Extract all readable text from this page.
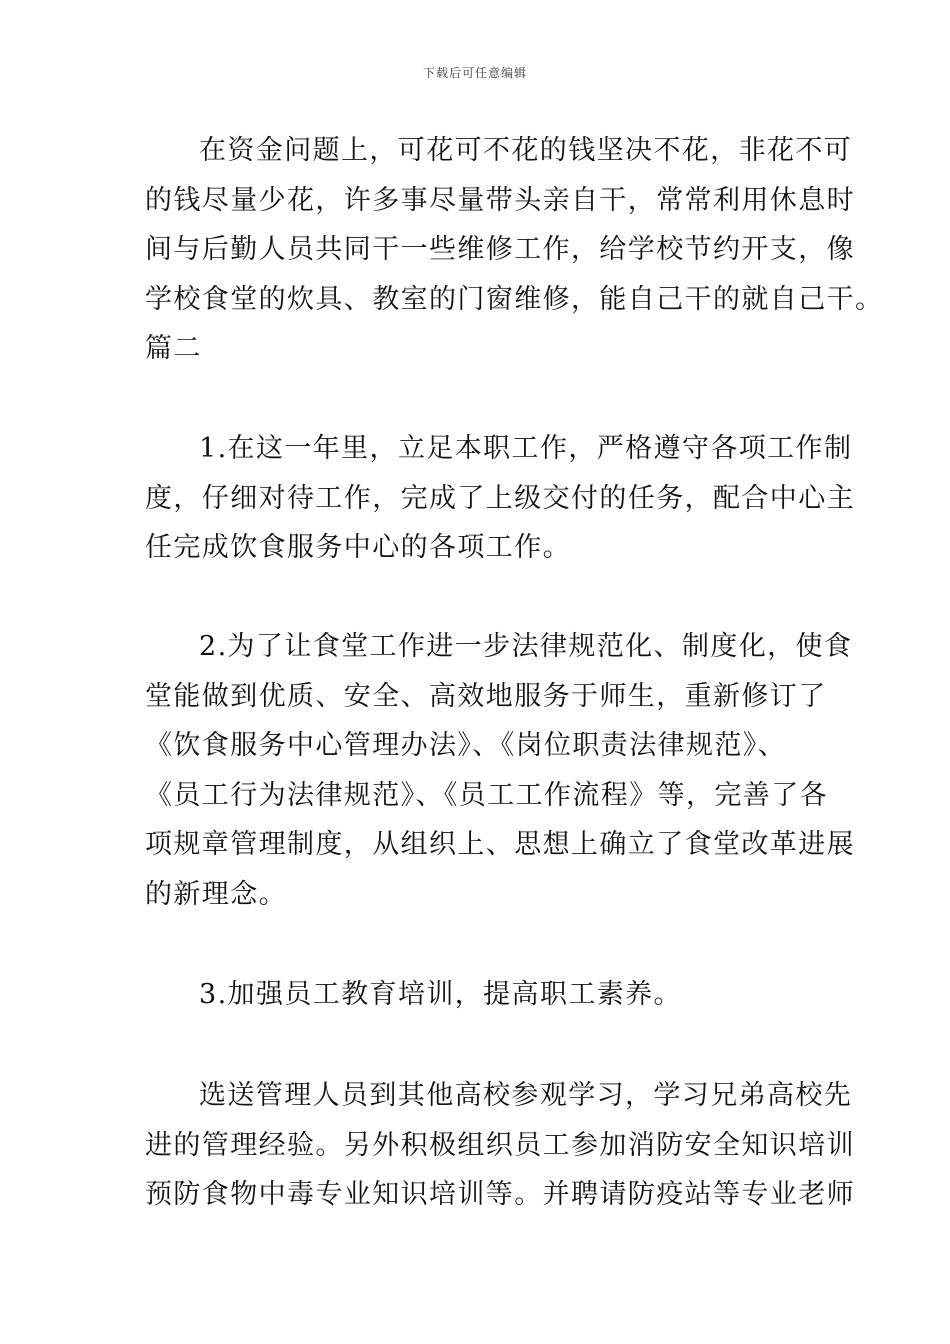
下载后可任意编辑
在资金问题上，可花可不花的钱坚决不花，非花不可
的钱尽量少花，许多事尽量带头亲自干，常常利用休息时
间与后勤人员共同干一些维修工作，给学校节约开支，像
学校食堂的炊具、教室的门窗维修，能自己干的就自己干。
篇二
1.在这一年里，立足本职工作，严格遵守各项工作制
度，仔细对待工作，完成了上级交付的任务，配合中心主
任完成饮食服务中心的各项工作。
2.为了让食堂工作进一步法律规范化、制度化，使食
堂能做到优质、安全、高效地服务于师生，重新修订了
《饮食服务中心管理办法》、《岗位职责法律规范》、
《员工行为法律规范》、《员工工作流程》等，完善了各
项规章管理制度，从组织上、思想上确立了食堂改革进展
的新理念。
3.加强员工教育培训，提高职工素养。
选送管理人员到其他高校参观学习，学习兄弟高校先
进的管理经验。另外积极组织员工参加消防安全知识培训
预防食物中毒专业知识培训等。并聘请防疫站等专业老师
